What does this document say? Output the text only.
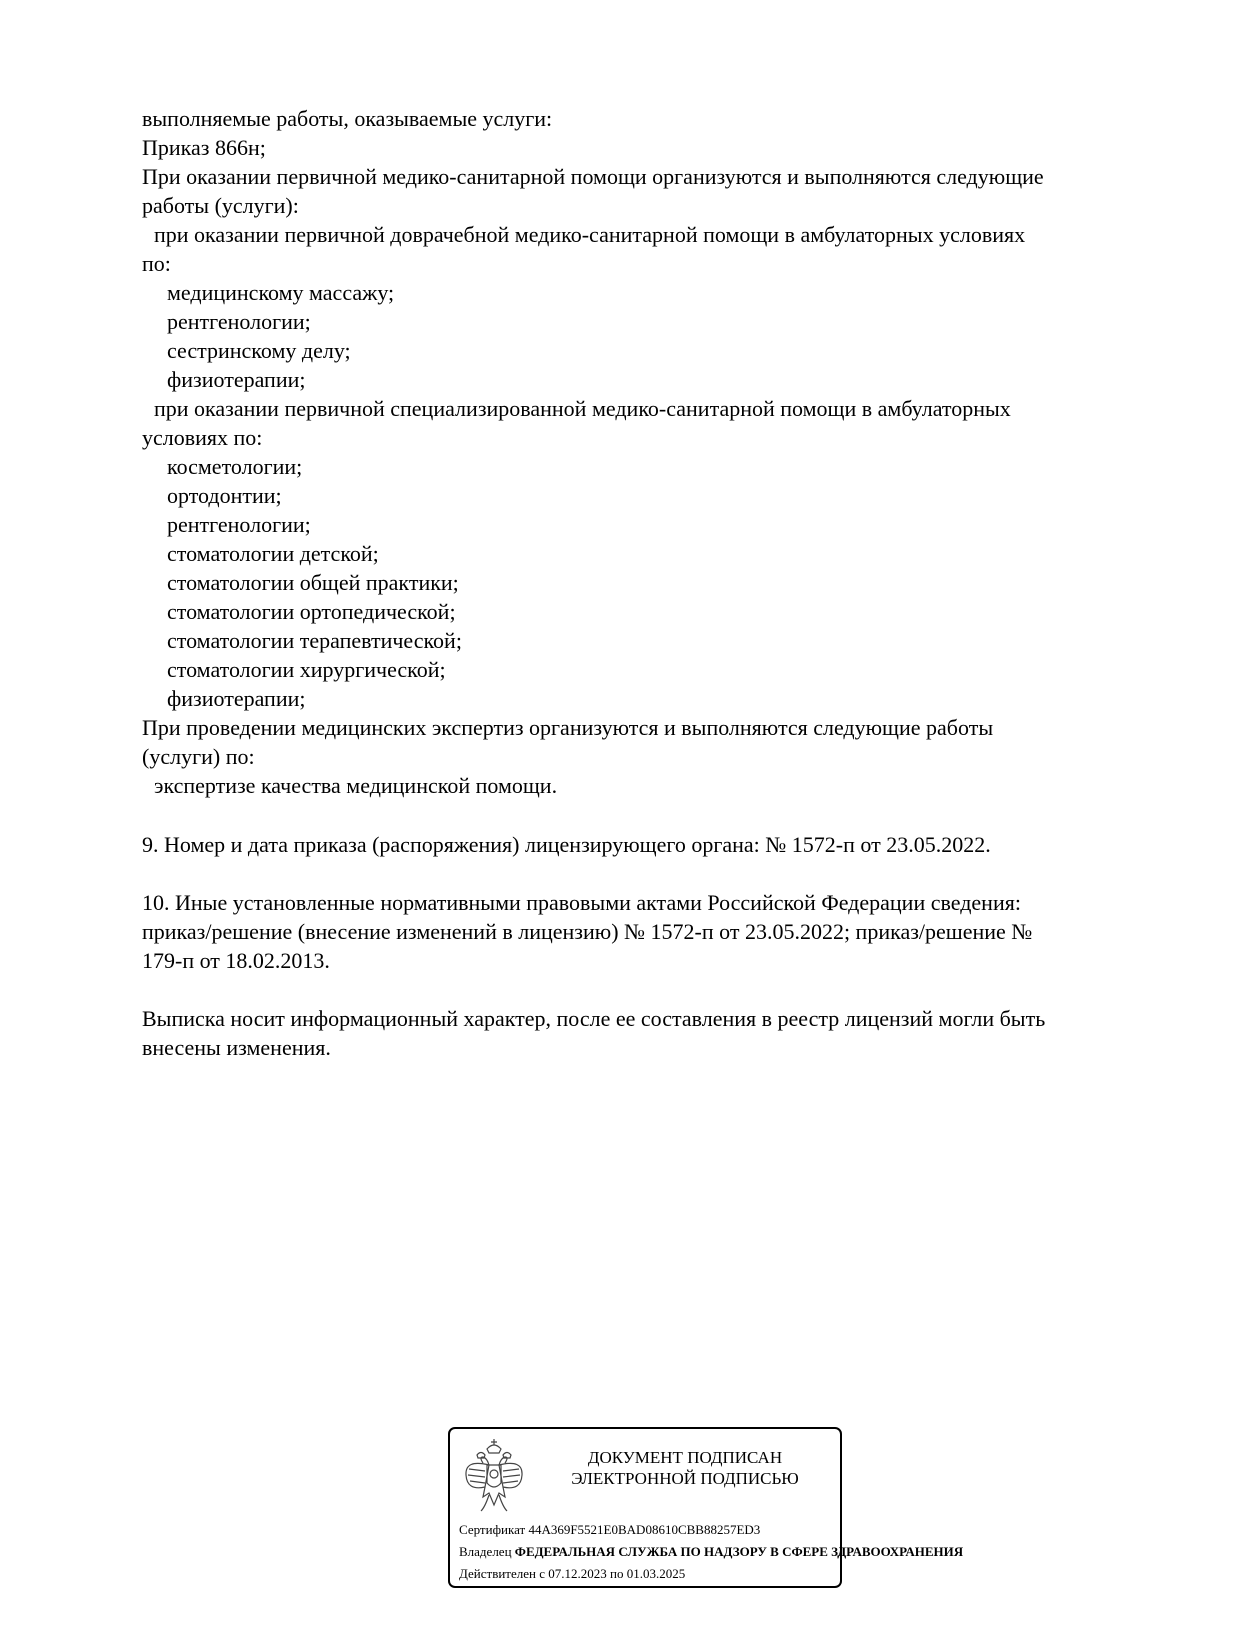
выполняемые работы, оказываемые услуги:
Приказ 866н;
При оказании первичной медико-санитарной помощи организуются и выполняются следующие
работы (услуги):
при оказании первичной доврачебной медико-санитарной помощи в амбулаторных условиях
по:
медицинскому массажу;
рентгенологии;
сестринскому делу;
физиотерапии;
при оказании первичной специализированной медико-санитарной помощи в амбулаторных
условиях по:
косметологии;
ортодонтии;
рентгенологии;
стоматологии детской;
стоматологии общей практики;
стоматологии ортопедической;
стоматологии терапевтической;
стоматологии хирургической;
физиотерапии;
При проведении медицинских экспертиз организуются и выполняются следующие работы
(услуги) по:
экспертизе качества медицинской помощи.
9. Номер и дата приказа (распоряжения) лицензирующего органа: № 1572-п от 23.05.2022.
10. Иные установленные нормативными правовыми актами Российской Федерации сведения:
приказ/решение (внесение изменений в лицензию) № 1572-п от 23.05.2022; приказ/решение №
179-п от 18.02.2013.
Выписка носит информационный характер, после ее составления в реестр лицензий могли быть
внесены изменения.
ДОКУМЕНТ ПОДПИСАН
ЭЛЕКТРОННОЙ ПОДПИСЬЮ
Сертификат 44A369F5521E0BAD08610CBB88257ED3
Владелец ФЕДЕРАЛЬНАЯ СЛУЖБА ПО НАДЗОРУ В СФЕРЕ ЗДРАВООХРАНЕНИЯ
Действителен с 07.12.2023 по 01.03.2025
